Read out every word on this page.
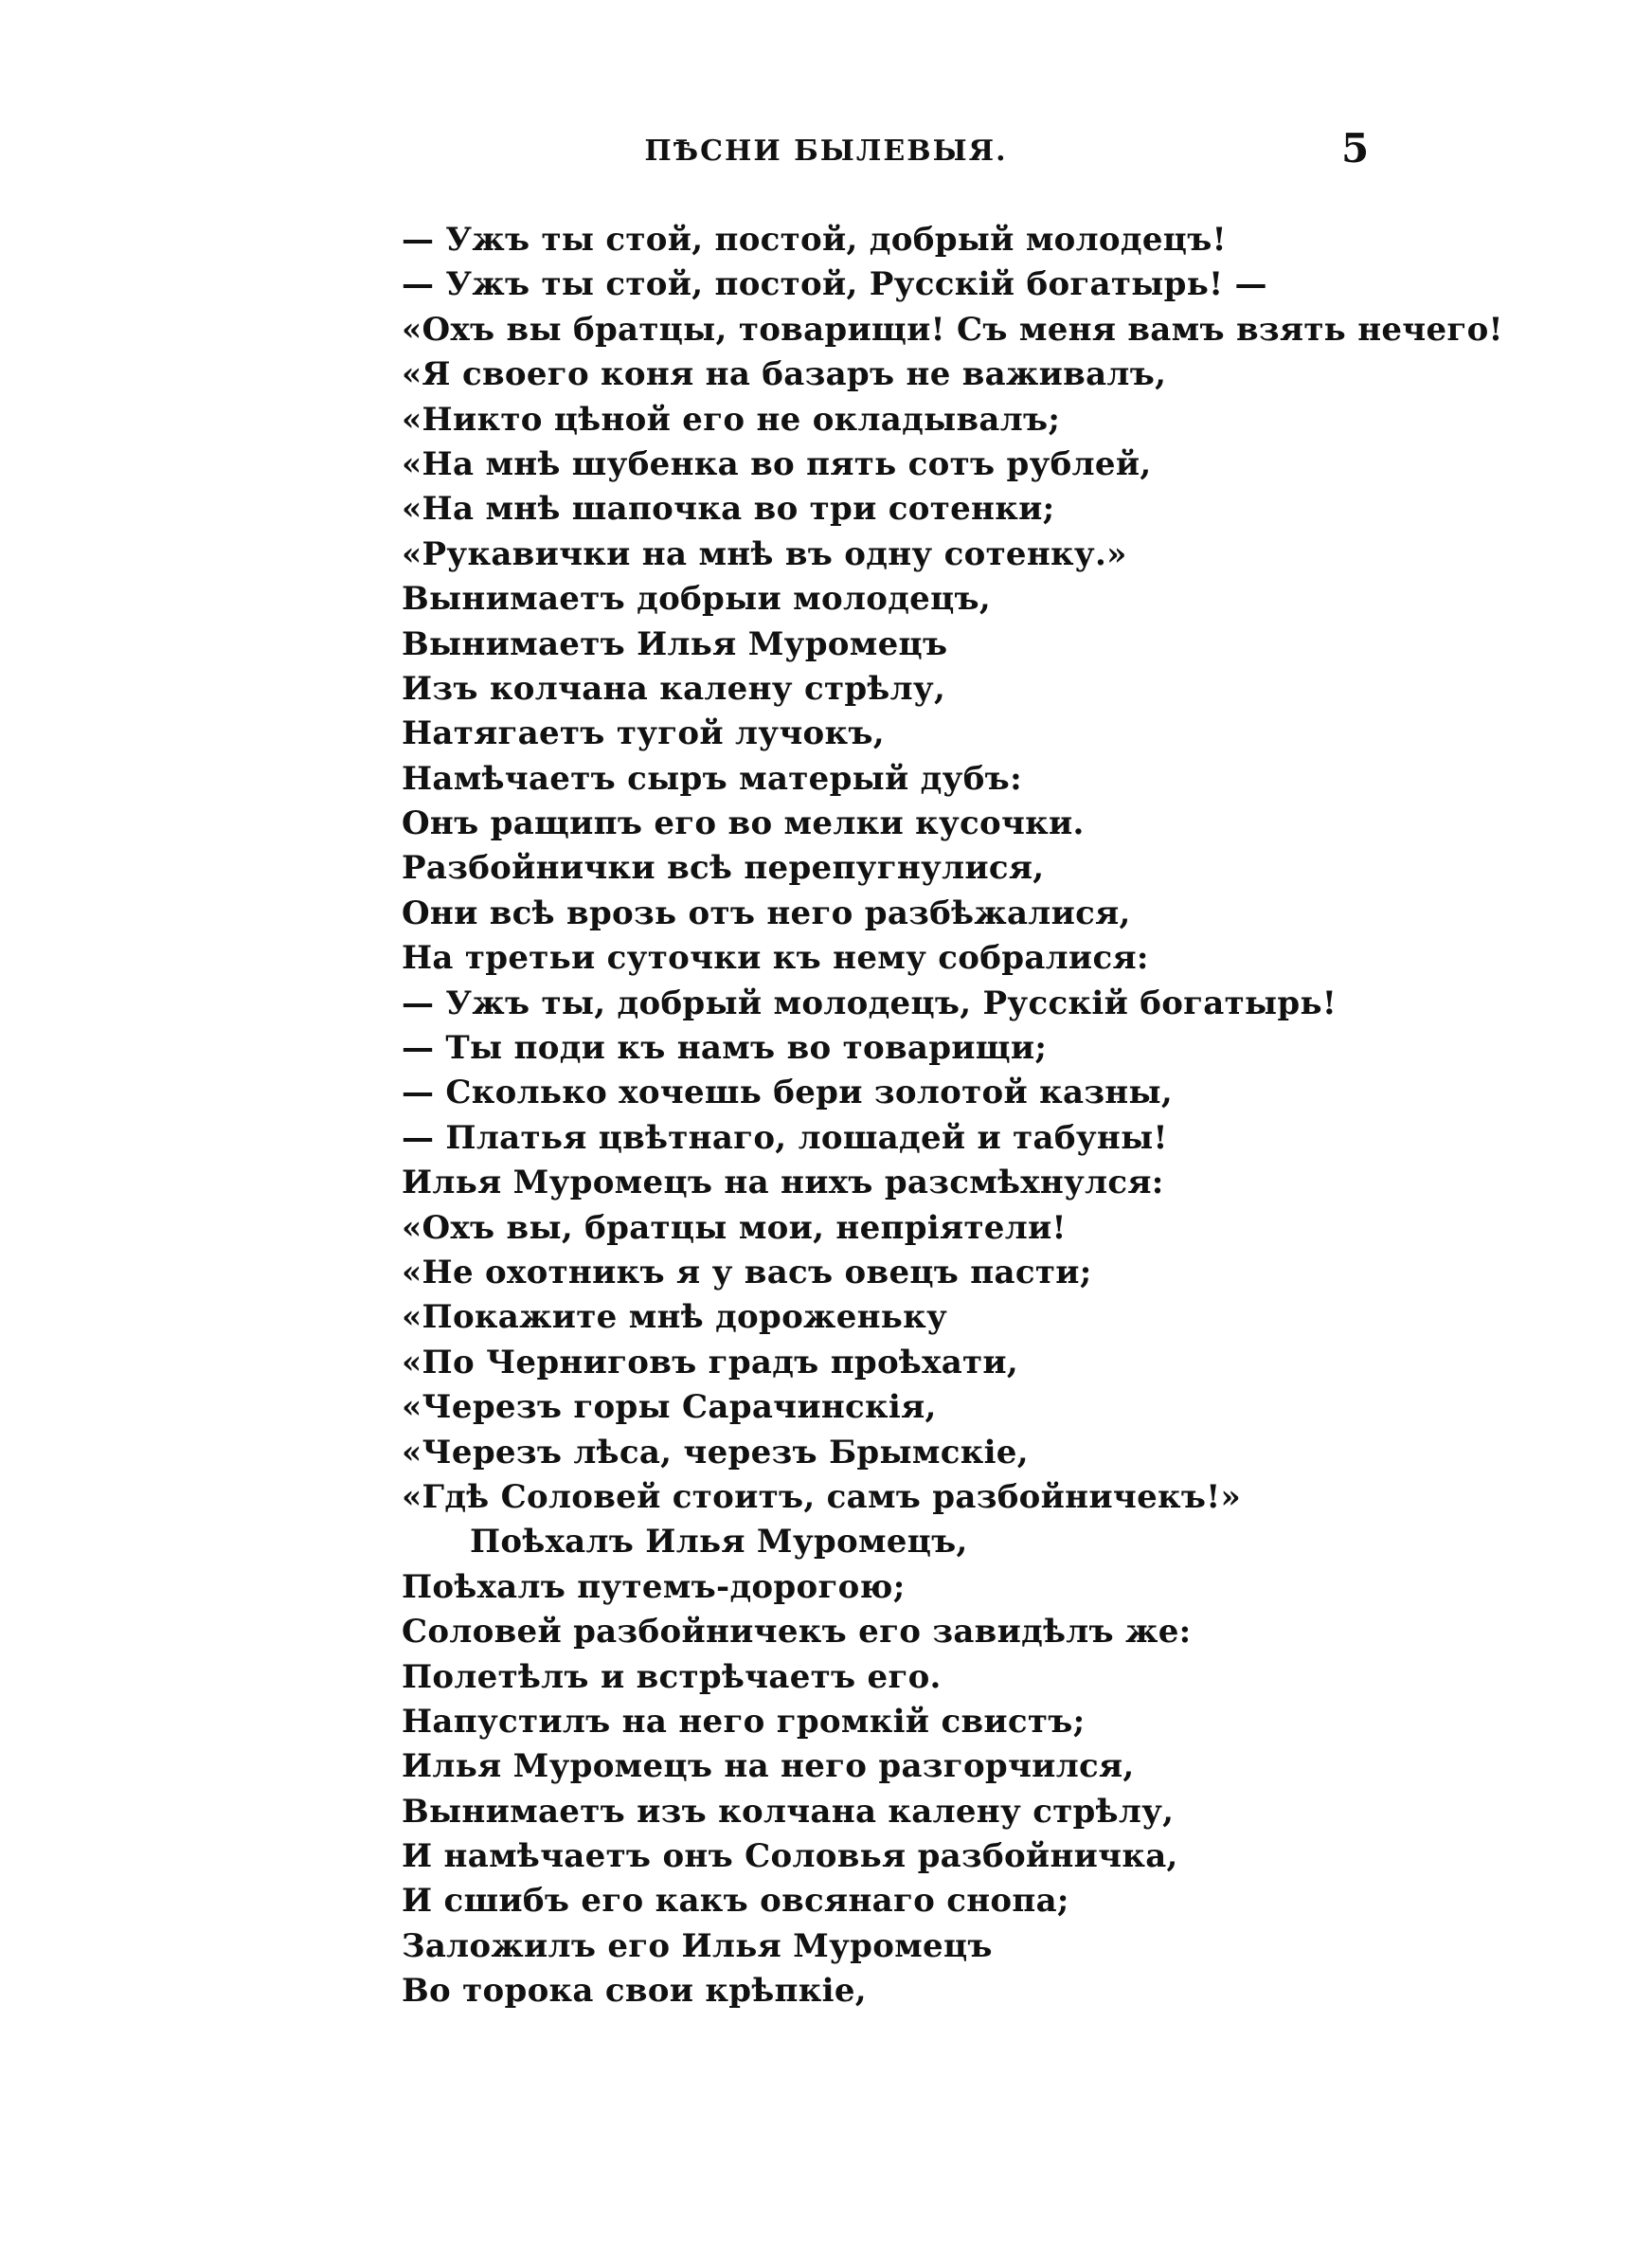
ПѢСНИ БЫЛЕВЫЯ.	5
— Ужъ ты стой, постой, добрый молодецъ!
— Ужъ ты стой, постой, Русскій богатырь! —
«Охъ вы братцы, товарищи! Съ меня вамъ взять нечего!
«Я своего коня на базаръ не важивалъ,
«Никто цѣной его не окладывалъ;
«На мнѣ шубенка во пять сотъ рублей,
«На мнѣ шапочка во три сотенки;
«Рукавички на мнѣ въ одну сотенку.»
Вынимаетъ добрыи молодецъ,
Вынимаетъ Илья Муромецъ
Изъ колчана калену стрѣлу,
Натягаетъ тугой лучокъ,
Намѣчаетъ сыръ матерый дубъ:
Онъ ращипъ его во мелки кусочки.
Разбойнички всѣ перепугнулися,
Они всѣ врозь отъ него разбѣжалися,
На третьи суточки къ нему собралися:
— Ужъ ты, добрый молодецъ, Русскій богатырь!
— Ты поди къ намъ во товарищи;
— Сколько хочешь бери золотой казны,
— Платья цвѣтнаго, лошадей и табуны!
Илья Муромецъ на нихъ разсмѣхнулся:
«Охъ вы, братцы мои, непріятели!
«Не охотникъ я у васъ овецъ пасти;
«Покажите мнѣ дороженьку
«По Черниговъ градъ проѣхати,
«Черезъ горы Сарачинскія,
«Черезъ лѣса, черезъ Брымскіе,
«Гдѣ Соловей стоитъ, самъ разбойничекъ!»
Поѣхалъ Илья Муромецъ,
Поѣхалъ путемъ-дорогою;
Соловей разбойничекъ его завидѣлъ же:
Полетѣлъ и встрѣчаетъ его.
Напустилъ на него громкій свистъ;
Илья Муромецъ на него разгорчился,
Вынимаетъ изъ колчана калену стрѣлу,
И намѣчаетъ онъ Соловья разбойничка,
И сшибъ его какъ овсянаго снопа;
Заложилъ его Илья Муромецъ
Во торока свои крѣпкіе,
